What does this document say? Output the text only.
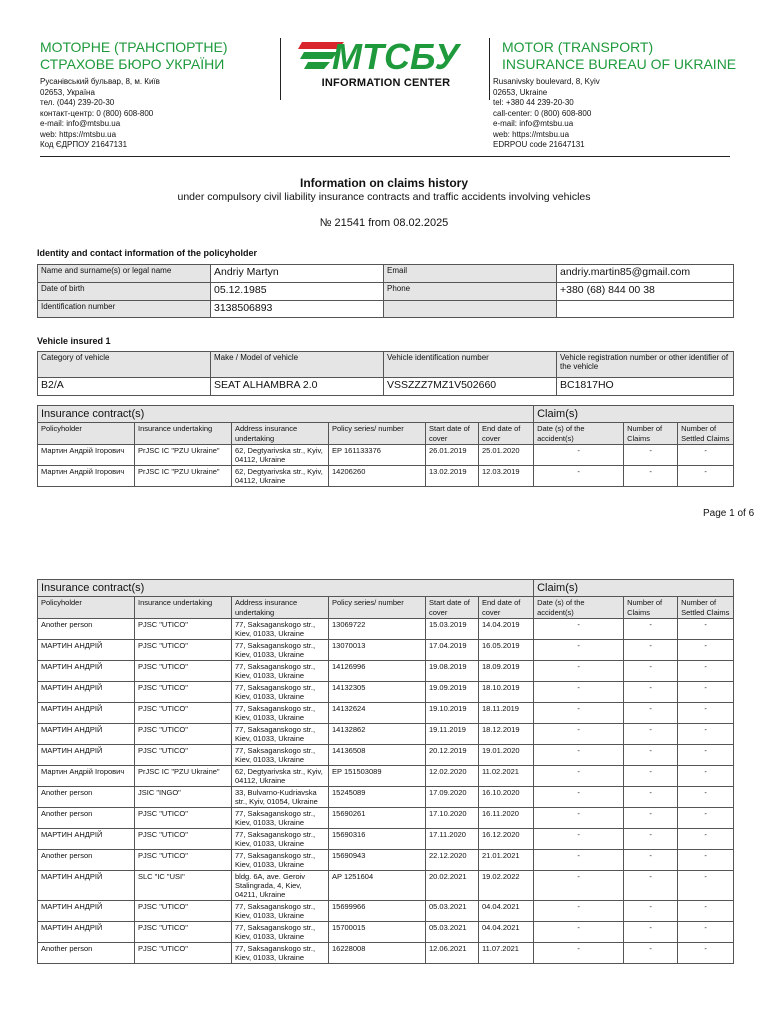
МОТОРНЕ (ТРАНСПОРТНЕ)
СТРАХОВЕ БЮРО УКРАЇНИ
Русанівський бульвар, 8, м. Київ
02653, Україна
тел. (044) 239-20-30
контакт-центр: 0 (800) 608-800
e-mail: info@mtsbu.ua
web: https://mtsbu.ua
Код ЄДРПОУ 21647131
МТСБУ
INFORMATION CENTER
MOTOR (TRANSPORT)
INSURANCE BUREAU OF UKRAINE
Rusanivsky boulevard, 8, Kyiv
02653, Ukraine
tel: +380 44 239-20-30
call-center: 0 (800) 608-800
e-mail: info@mtsbu.ua
web: https://mtsbu.ua
EDRPOU code 21647131
Information on claims history
under compulsory civil liability insurance contracts and traffic accidents involving vehicles
№ 21541 from 08.02.2025
Identity and contact information of the policyholder
Name and surname(s) or legal name	Andriy Martyn	Email	andriy.martin85@gmail.com
Date of birth	05.12.1985	Phone	+380 (68) 844 00 38
Identification number	3138506893		
Vehicle insured 1
Category of vehicle	Make / Model of vehicle	Vehicle identification number	Vehicle registration number or other identifier of the vehicle
B2/A	SEAT ALHAMBRA 2.0	VSSZZZ7MZ1V502660	BC1817HO
Insurance contract(s)						Claim(s)		
Policyholder	Insurance undertaking	Address insurance undertaking	Policy series/ number	Start date of cover	End date of cover	Date (s) of the accident(s)	Number of Claims	Number of Settled Claims
Мартин Андрій Ігорович	PrJSC IC "PZU Ukraine"	62, Degtyarivska str., Kyiv, 04112, Ukraine	EP 161133376	26.01.2019	25.01.2020	-	-	-
Мартин Андрій Ігорович	PrJSC IC "PZU Ukraine"	62, Degtyarivska str., Kyiv, 04112, Ukraine	14206260	13.02.2019	12.03.2019	-	-	-
Page 1 of 6
Insurance contract(s)						Claim(s)		
Policyholder	Insurance undertaking	Address insurance undertaking	Policy series/ number	Start date of cover	End date of cover	Date (s) of the accident(s)	Number of Claims	Number of Settled Claims
Another person	PJSC "UTICO"	77, Saksaganskogo str., Kiev, 01033, Ukraine	13069722	15.03.2019	14.04.2019	-	-	-
МАРТИН АНДРІЙ	PJSC "UTICO"	77, Saksaganskogo str., Kiev, 01033, Ukraine	13070013	17.04.2019	16.05.2019	-	-	-
МАРТИН АНДРІЙ	PJSC "UTICO"	77, Saksaganskogo str., Kiev, 01033, Ukraine	14126996	19.08.2019	18.09.2019	-	-	-
МАРТИН АНДРІЙ	PJSC "UTICO"	77, Saksaganskogo str., Kiev, 01033, Ukraine	14132305	19.09.2019	18.10.2019	-	-	-
МАРТИН АНДРІЙ	PJSC "UTICO"	77, Saksaganskogo str., Kiev, 01033, Ukraine	14132624	19.10.2019	18.11.2019	-	-	-
МАРТИН АНДРІЙ	PJSC "UTICO"	77, Saksaganskogo str., Kiev, 01033, Ukraine	14132862	19.11.2019	18.12.2019	-	-	-
МАРТИН АНДРІЙ	PJSC "UTICO"	77, Saksaganskogo str., Kiev, 01033, Ukraine	14136508	20.12.2019	19.01.2020	-	-	-
Мартин Андрій Ігорович	PrJSC IC "PZU Ukraine"	62, Degtyarivska str., Kyiv, 04112, Ukraine	EP 151503089	12.02.2020	11.02.2021	-	-	-
Another person	JSIC "INGO"	33, Bulvarno-Kudriavska str., Kyiv, 01054, Ukraine	15245089	17.09.2020	16.10.2020	-	-	-
Another person	PJSC "UTICO"	77, Saksaganskogo str., Kiev, 01033, Ukraine	15690261	17.10.2020	16.11.2020	-	-	-
МАРТИН АНДРІЙ	PJSC "UTICO"	77, Saksaganskogo str., Kiev, 01033, Ukraine	15690316	17.11.2020	16.12.2020	-	-	-
Another person	PJSC "UTICO"	77, Saksaganskogo str., Kiev, 01033, Ukraine	15690943	22.12.2020	21.01.2021	-	-	-
МАРТИН АНДРІЙ	SLC "IC "USI"	bldg. 6A, ave. Geroiv Stalingrada, 4, Kiev, 04211, Ukraine	AP 1251604	20.02.2021	19.02.2022	-	-	-
МАРТИН АНДРІЙ	PJSC "UTICO"	77, Saksaganskogo str., Kiev, 01033, Ukraine	15699966	05.03.2021	04.04.2021	-	-	-
МАРТИН АНДРІЙ	PJSC "UTICO"	77, Saksaganskogo str., Kiev, 01033, Ukraine	15700015	05.03.2021	04.04.2021	-	-	-
Another person	PJSC "UTICO"	77, Saksaganskogo str., Kiev, 01033, Ukraine	16228008	12.06.2021	11.07.2021	-	-	-
